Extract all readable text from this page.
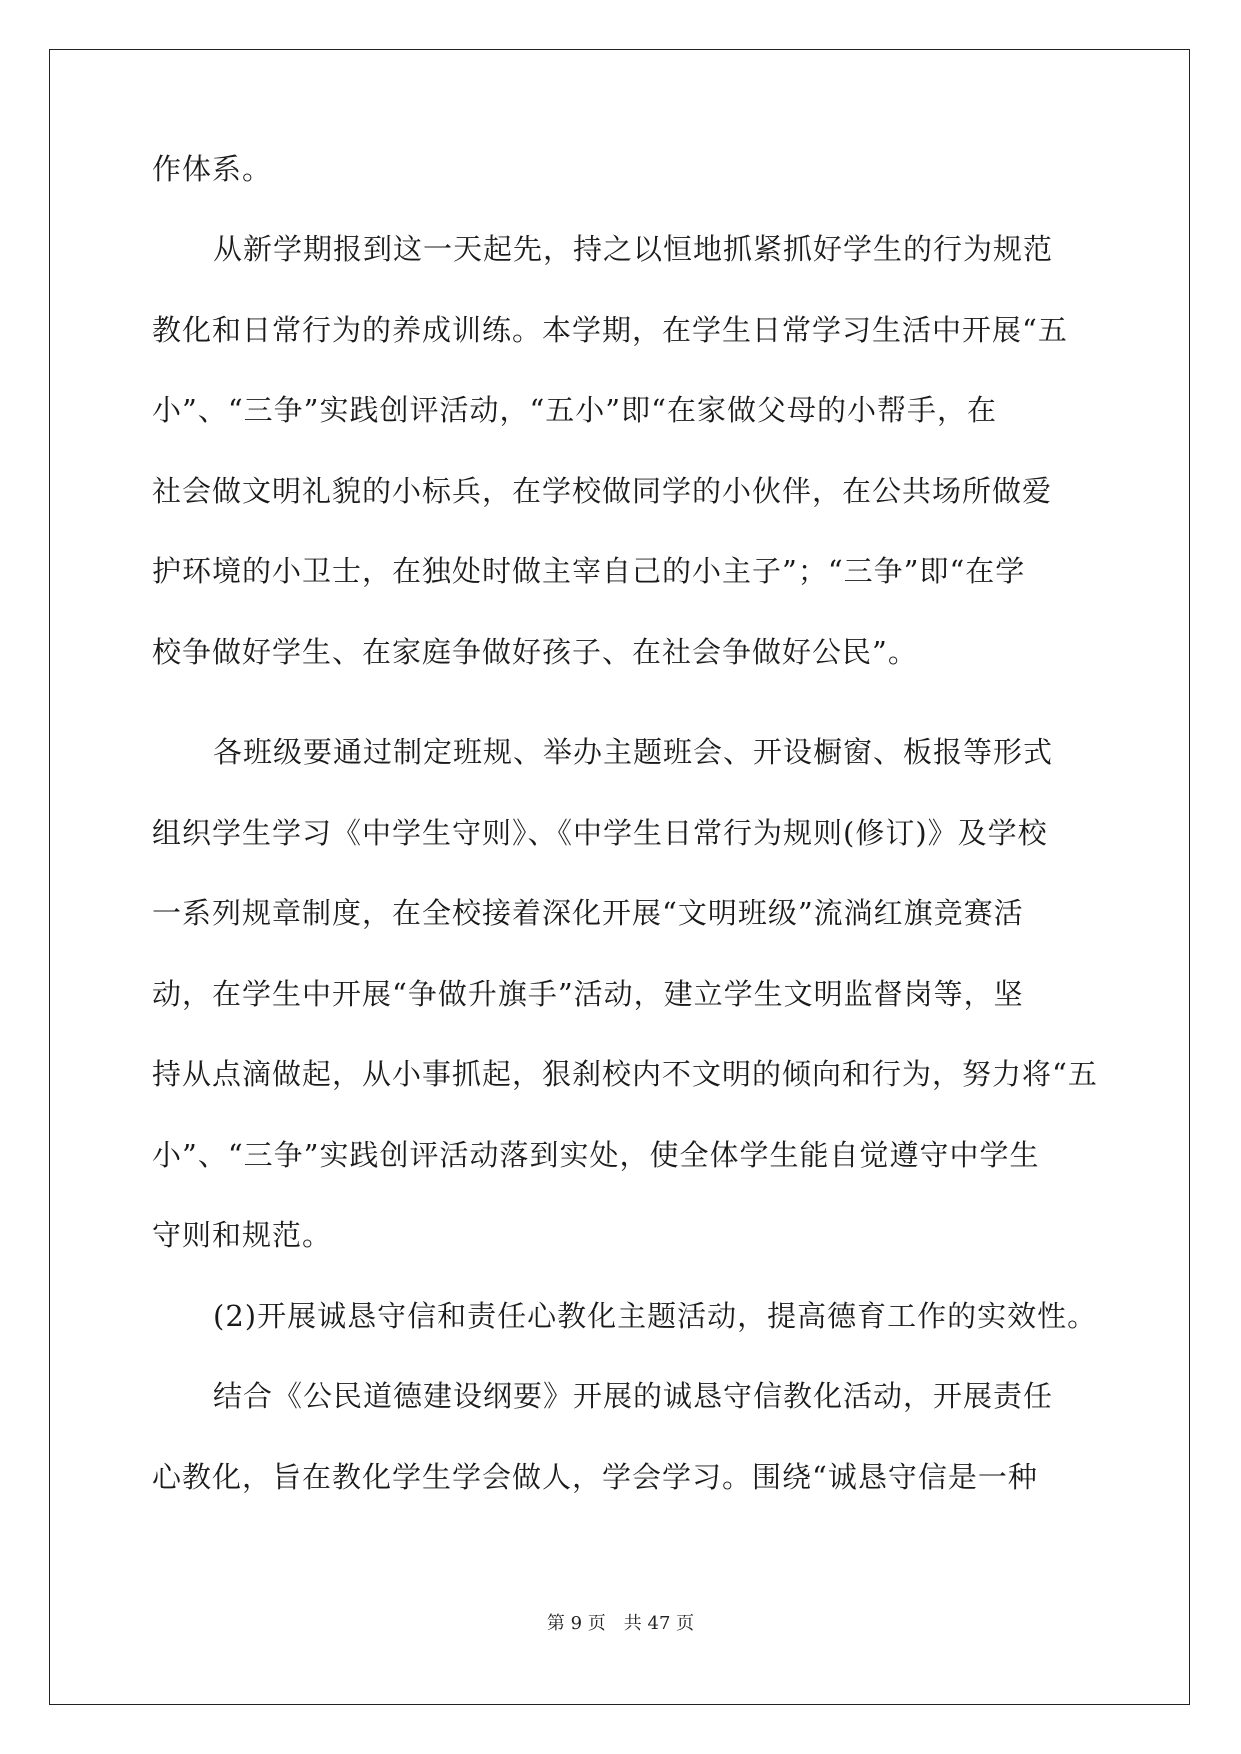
作体系。
从新学期报到这一天起先，持之以恒地抓紧抓好学生的行为规范
教化和日常行为的养成训练。本学期，在学生日常学习生活中开展“五
小”、“三争”实践创评活动，“五小”即“在家做父母的小帮手，在
社会做文明礼貌的小标兵，在学校做同学的小伙伴，在公共场所做爱
护环境的小卫士，在独处时做主宰自己的小主子”；“三争”即“在学
校争做好学生、在家庭争做好孩子、在社会争做好公民”。
各班级要通过制定班规、举办主题班会、开设橱窗、板报等形式
组织学生学习《中学生守则》、《中学生日常行为规则(修订)》及学校
一系列规章制度，在全校接着深化开展“文明班级”流淌红旗竞赛活
动，在学生中开展“争做升旗手”活动，建立学生文明监督岗等，坚
持从点滴做起，从小事抓起，狠刹校内不文明的倾向和行为，努力将“五
小”、“三争”实践创评活动落到实处，使全体学生能自觉遵守中学生
守则和规范。
(2)开展诚恳守信和责任心教化主题活动，提高德育工作的实效性。
结合《公民道德建设纲要》开展的诚恳守信教化活动，开展责任
心教化，旨在教化学生学会做人，学会学习。围绕“诚恳守信是一种
第 9 页　共 47 页
